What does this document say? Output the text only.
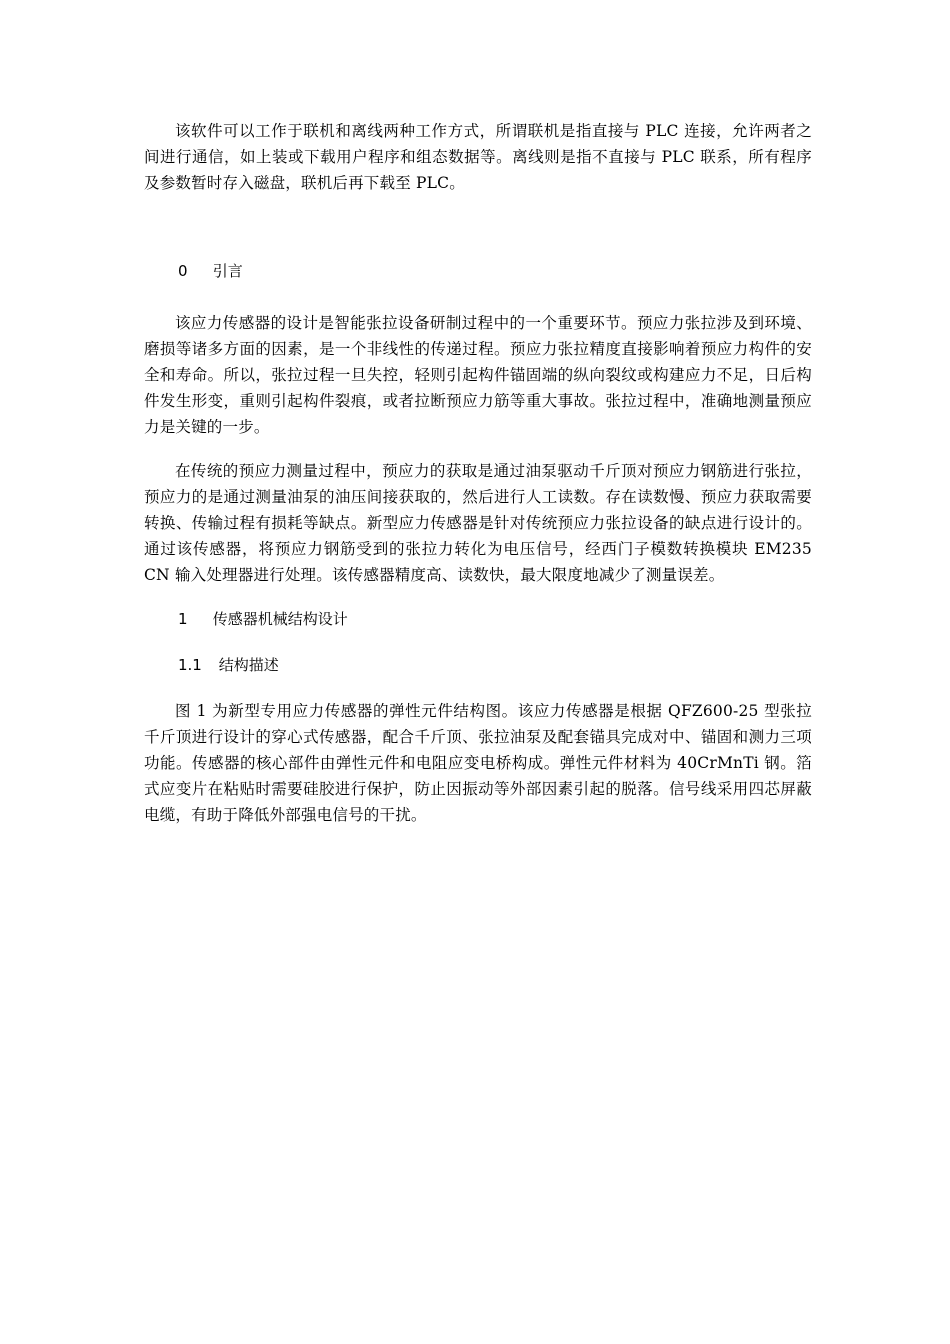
该软件可以工作于联机和离线两种工作方式，所谓联机是指直接与 PLC 连接，允许两者之间进行通信，如上装或下载用户程序和组态数据等。离线则是指不直接与 PLC 联系，所有程序及参数暂时存入磁盘，联机后再下载至 PLC。

0 引言

该应力传感器的设计是智能张拉设备研制过程中的一个重要环节。预应力张拉涉及到环境、磨损等诸多方面的因素，是一个非线性的传递过程。预应力张拉精度直接影响着预应力构件的安全和寿命。所以，张拉过程一旦失控，轻则引起构件锚固端的纵向裂纹或构建应力不足，日后构件发生形变，重则引起构件裂痕，或者拉断预应力筋等重大事故。张拉过程中，准确地测量预应力是关键的一步。

在传统的预应力测量过程中，预应力的获取是通过油泵驱动千斤顶对预应力钢筋进行张拉，预应力的是通过测量油泵的油压间接获取的，然后进行人工读数。存在读数慢、预应力获取需要转换、传输过程有损耗等缺点。新型应力传感器是针对传统预应力张拉设备的缺点进行设计的。通过该传感器，将预应力钢筋受到的张拉力转化为电压信号，经西门子模数转换模块 EM235 CN 输入处理器进行处理。该传感器精度高、读数快，最大限度地减少了测量误差。

1 传感器机械结构设计

1.1 结构描述

图 1 为新型专用应力传感器的弹性元件结构图。该应力传感器是根据 QFZ600-25 型张拉千斤顶进行设计的穿心式传感器，配合千斤顶、张拉油泵及配套锚具完成对中、锚固和测力三项功能。传感器的核心部件由弹性元件和电阻应变电桥构成。弹性元件材料为 40CrMnTi 钢。箔式应变片在粘贴时需要硅胶进行保护，防止因振动等外部因素引起的脱落。信号线采用四芯屏蔽电缆，有助于降低外部强电信号的干扰。
